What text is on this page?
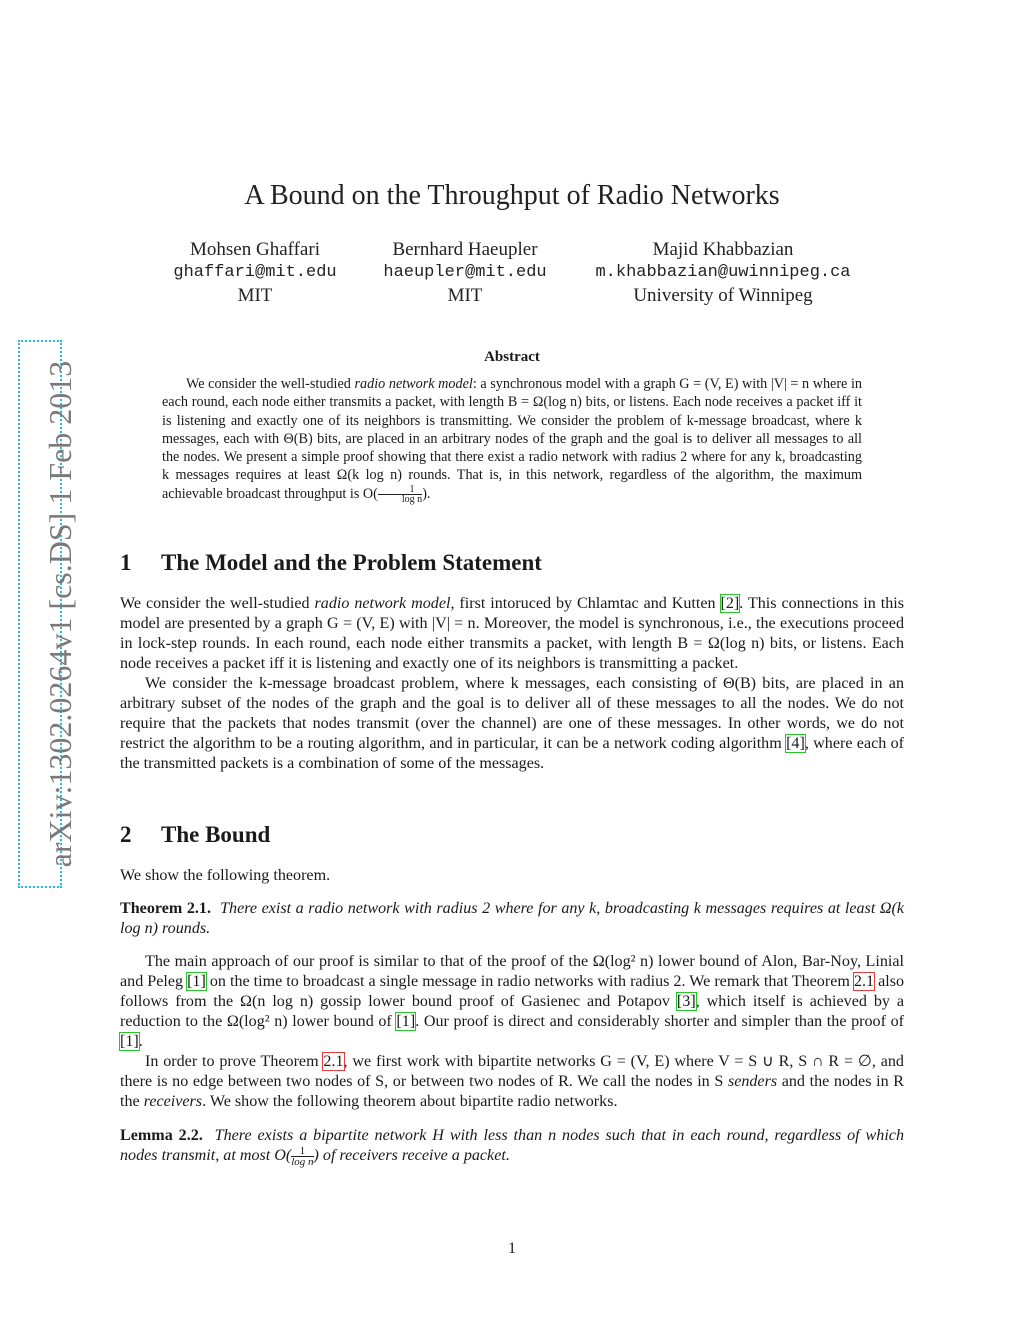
arXiv:1302.0264v1 [cs.DS] 1 Feb 2013
A Bound on the Throughput of Radio Networks
Mohsen Ghaffari
ghaffari@mit.edu
MIT
Bernhard Haeupler
haeupler@mit.edu
MIT
Majid Khabbazian
m.khabbazian@uwinnipeg.ca
University of Winnipeg
Abstract
We consider the well-studied radio network model: a synchronous model with a graph G = (V, E) with |V| = n where in each round, each node either transmits a packet, with length B = Ω(log n) bits, or listens. Each node receives a packet iff it is listening and exactly one of its neighbors is transmitting. We consider the problem of k-message broadcast, where k messages, each with Θ(B) bits, are placed in an arbitrary nodes of the graph and the goal is to deliver all messages to all the nodes. We present a simple proof showing that there exist a radio network with radius 2 where for any k, broadcasting k messages requires at least Ω(k log n) rounds. That is, in this network, regardless of the algorithm, the maximum achievable broadcast throughput is $O( \frac{1}{\text{log n}}$ ).
1 The Model and the Problem Statement

We consider the well-studied radio network model, first intoruced by Chlamtac and Kutten [2]. This connections in this model are presented by a graph G = (V, E) with |V| = n. Moreover, the model is synchronous, i.e., the executions proceed in lock-step rounds. In each round, each node either transmits a packet, with length B = Ω(log n) bits, or listens. Each node receives a packet iff it is listening and exactly one of its neighbors is transmitting a packet.

We consider the k-message broadcast problem, where k messages, each consisting of Θ(B) bits, are placed in an arbitrary subset of the nodes of the graph and the goal is to deliver all of these messages to all the nodes. We do not require that the packets that nodes transmit (over the channel) are one of these messages. In other words, we do not restrict the algorithm to be a routing algorithm, and in particular, it can be a network coding algorithm [4], where each of the transmitted packets is a combination of some of the messages.

2 The Bound

We show the following theorem.

Theorem 2.1. There exist a radio network with radius 2 where for any k, broadcasting k messages requires at least Ω(k log n) rounds.

The main approach of our proof is similar to that of the proof of the Ω(log² n) lower bound of Alon, Bar-Noy, Linial and Peleg [1] on the time to broadcast a single message in radio networks with radius 2. We remark that Theorem 2.1 also follows from the Ω(n log n) gossip lower bound proof of Gasienec and Potapov [3], which itself is achieved by a reduction to the Ω(log² n) lower bound of [1]. Our proof is direct and considerably shorter and simpler than the proof of [1].

In order to prove Theorem 2.1, we first work with bipartite networks G = (V, E) where V = S ∪ R, S ∩ R = ∅, and there is no edge between two nodes of S, or between two nodes of R. We call the nodes in S senders and the nodes in R the receivers. We show the following theorem about bipartite radio networks.

Lemma 2.2. There exists a bipartite network H with less than n nodes such that in each round, regardless of which nodes transmit, at most $O( \frac{1}{\text{log n}}$ ) of receivers receive a packet.
1
